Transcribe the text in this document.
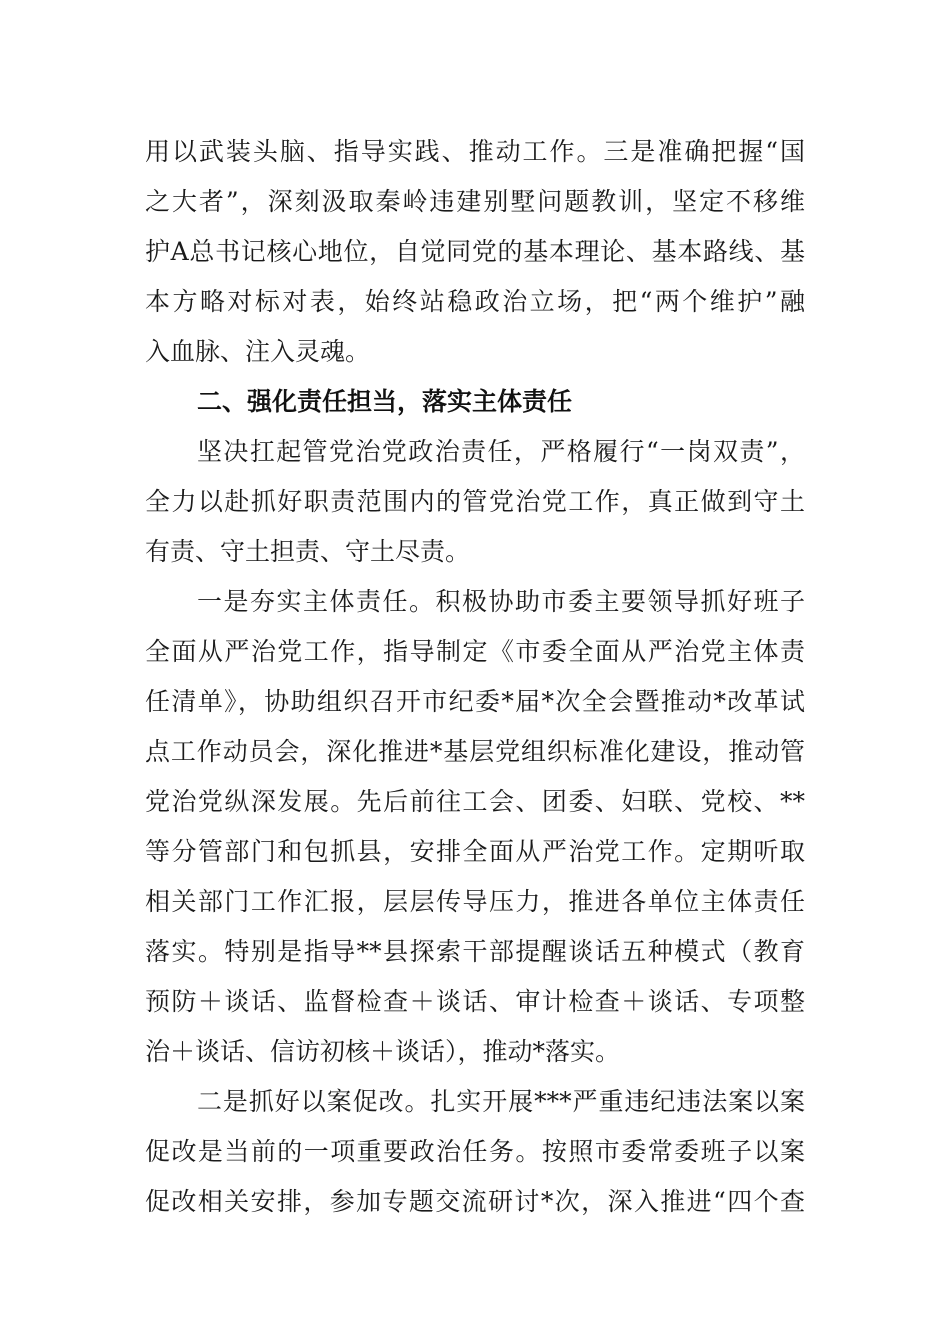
用以武装头脑、指导实践、推动工作。三是准确把握“国
之大者”，深刻汲取秦岭违建别墅问题教训，坚定不移维
护A总书记核心地位，自觉同党的基本理论、基本路线、基
本方略对标对表，始终站稳政治立场，把“两个维护”融
入血脉、注入灵魂。
二、强化责任担当，落实主体责任
坚决扛起管党治党政治责任，严格履行“一岗双责”，
全力以赴抓好职责范围内的管党治党工作，真正做到守土
有责、守土担责、守土尽责。
一是夯实主体责任。积极协助市委主要领导抓好班子
全面从严治党工作，指导制定《市委全面从严治党主体责
任清单》，协助组织召开市纪委*届*次全会暨推动*改革试
点工作动员会，深化推进*基层党组织标准化建设，推动管
党治党纵深发展。先后前往工会、团委、妇联、党校、**
等分管部门和包抓县，安排全面从严治党工作。定期听取
相关部门工作汇报，层层传导压力，推进各单位主体责任
落实。特别是指导**县探索干部提醒谈话五种模式（教育
预防＋谈话、监督检查＋谈话、审计检查＋谈话、专项整
治＋谈话、信访初核＋谈话），推动*落实。
二是抓好以案促改。扎实开展***严重违纪违法案以案
促改是当前的一项重要政治任务。按照市委常委班子以案
促改相关安排，参加专题交流研讨*次，深入推进“四个查
